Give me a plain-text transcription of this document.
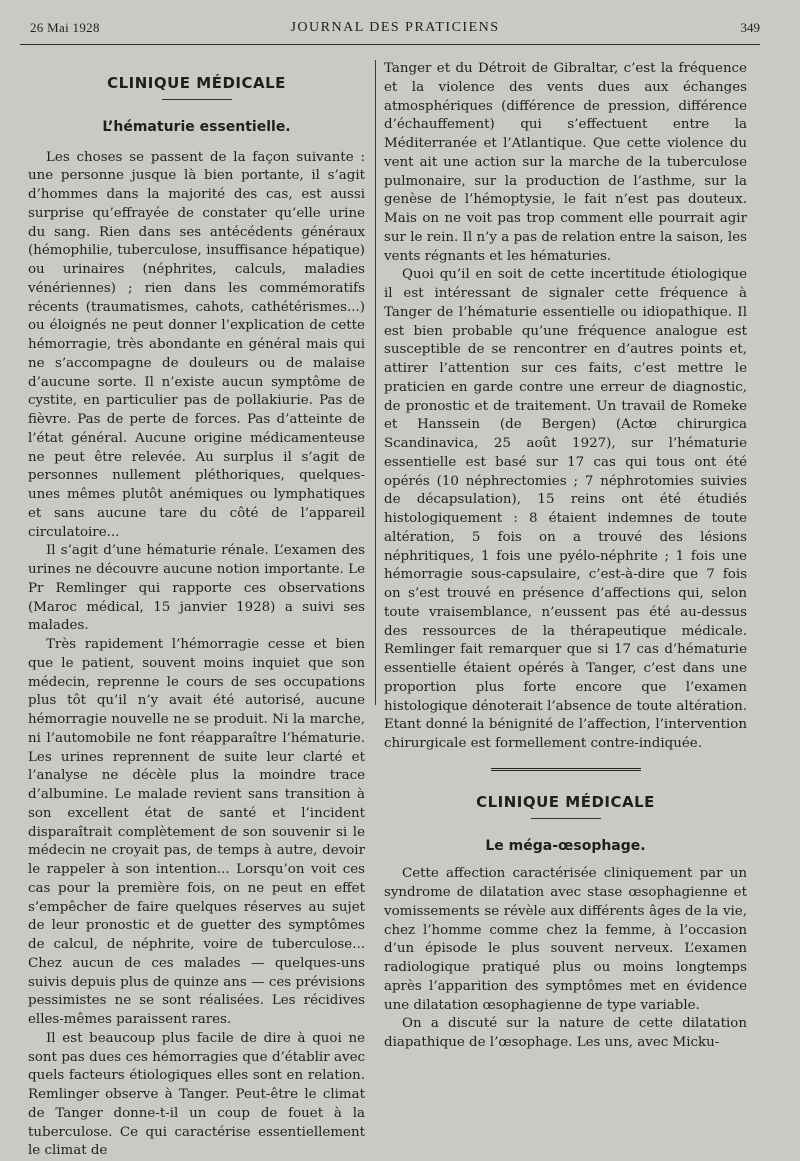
26 Mai 1928	JOURNAL DES PRATICIENS	349
CLINIQUE MÉDICALE
L’hématurie essentielle.

Les choses se passent de la façon suivante : une personne jusque là bien portante, il s’agit d’hommes dans la majorité des cas, est aussi surprise qu’effrayée de constater qu’elle urine du sang. Rien dans ses antécédents généraux (hémophilie, tuberculose, insuffisance hépatique) ou urinaires (néphrites, calculs, maladies vénériennes) ; rien dans les commémoratifs récents (traumatismes, cahots, cathétérismes...) ou éloignés ne peut donner l’explication de cette hémorragie, très abondante en général mais qui ne s’accompagne de douleurs ou de malaise d’aucune sorte. Il n’existe aucun symptôme de cystite, en particulier pas de pollakiurie. Pas de fièvre. Pas de perte de forces. Pas d’atteinte de l’état général. Aucune origine médicamenteuse ne peut être relevée. Au surplus il s’agit de personnes nullement pléthoriques, quelques-unes mêmes plutôt anémiques ou lymphatiques et sans aucune tare du côté de l’appareil circulatoire...

Il s’agit d’une hématurie rénale. L’examen des urines ne découvre aucune notion importante. Le Pr Remlinger qui rapporte ces observations (Maroc médical, 15 janvier 1928) a suivi ses malades.

Très rapidement l’hémorragie cesse et bien que le patient, souvent moins inquiet que son médecin, reprenne le cours de ses occupations plus tôt qu’il n’y avait été autorisé, aucune hémorragie nouvelle ne se produit. Ni la marche, ni l’automobile ne font réapparaître l’hématurie. Les urines reprennent de suite leur clarté et l’analyse ne décèle plus la moindre trace d’albumine. Le malade revient sans transition à son excellent état de santé et l’incident disparaîtrait complètement de son souvenir si le médecin ne croyait pas, de temps à autre, devoir le rappeler à son intention... Lorsqu’on voit ces cas pour la première fois, on ne peut en effet s’empêcher de faire quelques réserves au sujet de leur pronostic et de guetter des symptômes de calcul, de néphrite, voire de tuberculose... Chez aucun de ces malades — quelques-uns suivis depuis plus de quinze ans — ces prévisions pessimistes ne se sont réalisées. Les récidives elles-mêmes paraissent rares.

Il est beaucoup plus facile de dire à quoi ne sont pas dues ces hémorragies que d’établir avec quels facteurs étiologiques elles sont en relation. Remlinger observe à Tanger. Peut-être le climat de Tanger donne-t-il un coup de fouet à la tuberculose. Ce qui caractérise essentiellement le climat de

Tanger et du Détroit de Gibraltar, c’est la fréquence et la violence des vents dues aux échanges atmosphériques (différence de pression, différence d’échauffement) qui s’effectuent entre la Méditerranée et l’Atlantique. Que cette violence du vent ait une action sur la marche de la tuberculose pulmonaire, sur la production de l’asthme, sur la genèse de l’hémoptysie, le fait n’est pas douteux. Mais on ne voit pas trop comment elle pourrait agir sur le rein. Il n’y a pas de relation entre la saison, les vents régnants et les hématuries.

Quoi qu’il en soit de cette incertitude étiologique il est intéressant de signaler cette fréquence à Tanger de l’hématurie essentielle ou idiopathique. Il est bien probable qu’une fréquence analogue est susceptible de se rencontrer en d’autres points et, attirer l’attention sur ces faits, c’est mettre le praticien en garde contre une erreur de diagnostic, de pronostic et de traitement. Un travail de Romeke et Hanssein (de Bergen) (Actœ chirurgica Scandinavica, 25 août 1927), sur l’hématurie essentielle est basé sur 17 cas qui tous ont été opérés (10 néphrectomies ; 7 néphrotomies suivies de décapsulation), 15 reins ont été étudiés histologiquement : 8 étaient indemnes de toute altération, 5 fois on a trouvé des lésions néphritiques, 1 fois une pyélo-néphrite ; 1 fois une hémorragie sous-capsulaire, c’est-à-dire que 7 fois on s’est trouvé en présence d’affections qui, selon toute vraisemblance, n’eussent pas été au-dessus des ressources de la thérapeutique médicale. Remlinger fait remarquer que si 17 cas d’hématurie essentielle étaient opérés à Tanger, c’est dans une proportion plus forte encore que l’examen histologique dénoterait l’absence de toute altération. Etant donné la bénignité de l’affection, l’intervention chirurgicale est formellement contre-indiquée.

CLINIQUE MÉDICALE
Le méga-œsophage.

Cette affection caractérisée cliniquement par un syndrome de dilatation avec stase œsophagienne et vomissements se révèle aux différents âges de la vie, chez l’homme comme chez la femme, à l’occasion d’un épisode le plus souvent nerveux. L’examen radiologique pratiqué plus ou moins longtemps après l’apparition des symptômes met en évidence une dilatation œsophagienne de type variable.

On a discuté sur la nature de cette dilatation diapathique de l’œsophage. Les uns, avec Micku-
